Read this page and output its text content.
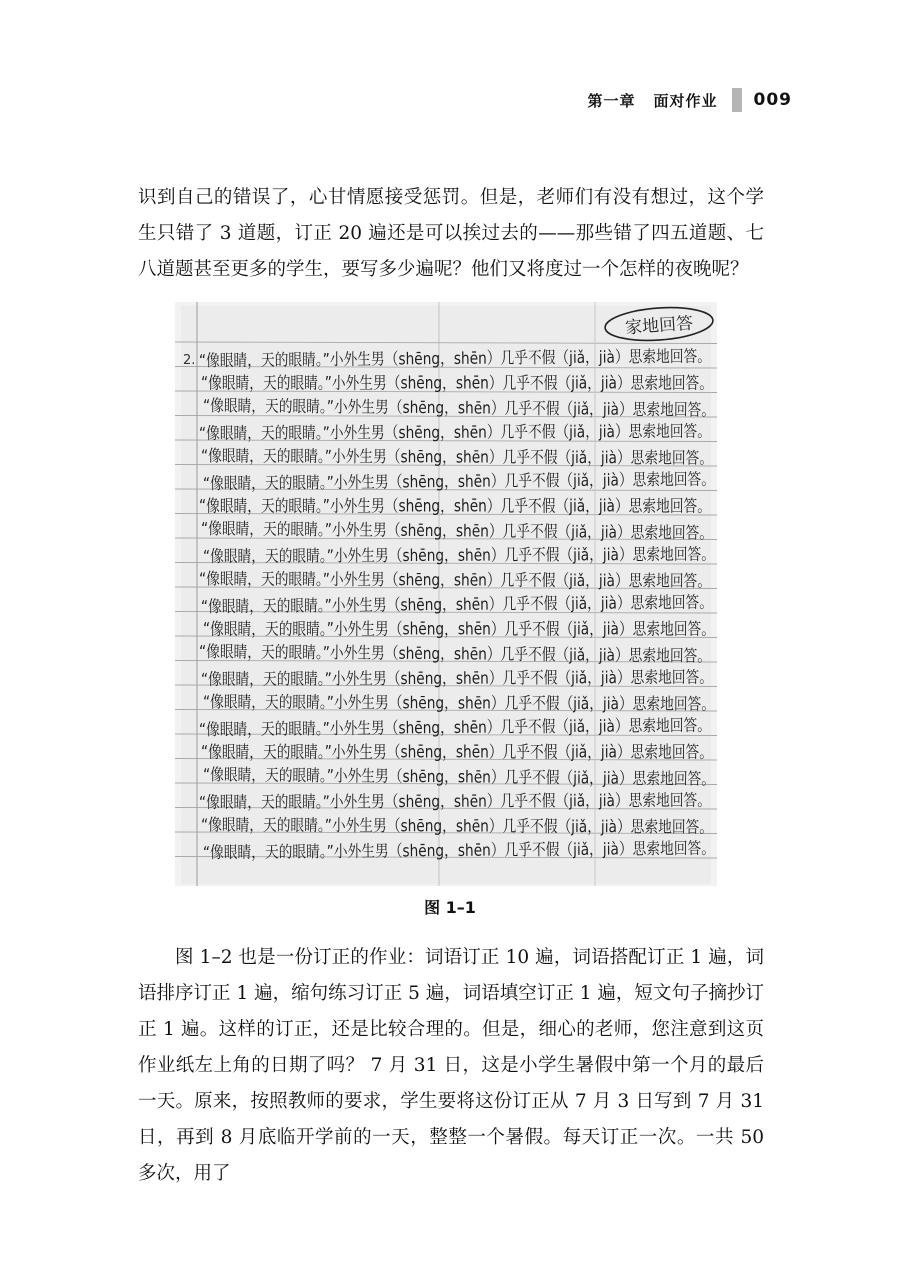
第一章 面对作业 009

识到自己的错误了，心甘情愿接受惩罚。但是，老师们有没有想过，这个学生只错了 3 道题，订正 20 遍还是可以挨过去的——那些错了四五道题、七八道题甚至更多的学生，要写多少遍呢？他们又将度过一个怎样的夜晚呢？

家地回答
2. “像眼睛，天的眼睛。”小外生男（shēng，shēn）几乎不假（jiǎ，jià）思索地回答。
“像眼睛，天的眼睛。”小外生男（shēng，shēn）几乎不假（jiǎ，jià）思索地回答。
“像眼睛，天的眼睛。”小外生男（shēng，shēn）几乎不假（jiǎ，jià）思索地回答。
“像眼睛，天的眼睛。”小外生男（shēng，shēn）几乎不假（jiǎ，jià）思索地回答。
“像眼睛，天的眼睛。”小外生男（shēng，shēn）几乎不假（jiǎ，jià）思索地回答。
“像眼睛，天的眼睛。”小外生男（shēng，shēn）几乎不假（jiǎ，jià）思索地回答。
“像眼睛，天的眼睛。”小外生男（shēng，shēn）几乎不假（jiǎ，jià）思索地回答。
“像眼睛，天的眼睛。”小外生男（shēng，shēn）几乎不假（jiǎ，jià）思索地回答。
“像眼睛，天的眼睛。”小外生男（shēng，shēn）几乎不假（jiǎ，jià）思索地回答。
“像眼睛，天的眼睛。”小外生男（shēng，shēn）几乎不假（jiǎ，jià）思索地回答。
“像眼睛，天的眼睛。”小外生男（shēng，shēn）几乎不假（jiǎ，jià）思索地回答。
“像眼睛，天的眼睛。”小外生男（shēng，shēn）几乎不假（jiǎ，jià）思索地回答。
“像眼睛，天的眼睛。”小外生男（shēng，shēn）几乎不假（jiǎ，jià）思索地回答。
“像眼睛，天的眼睛。”小外生男（shēng，shēn）几乎不假（jiǎ，jià）思索地回答。
“像眼睛，天的眼睛。”小外生男（shēng，shēn）几乎不假（jiǎ，jià）思索地回答。
“像眼睛，天的眼睛。”小外生男（shēng，shēn）几乎不假（jiǎ，jià）思索地回答。
“像眼睛，天的眼睛。”小外生男（shēng，shēn）几乎不假（jiǎ，jià）思索地回答。
“像眼睛，天的眼睛。”小外生男（shēng，shēn）几乎不假（jiǎ，jià）思索地回答。
“像眼睛，天的眼睛。”小外生男（shēng，shēn）几乎不假（jiǎ，jià）思索地回答。
“像眼睛，天的眼睛。”小外生男（shēng，shēn）几乎不假（jiǎ，jià）思索地回答。
“像眼睛，天的眼睛。”小外生男（shēng，shēn）几乎不假（jiǎ，jià）思索地回答。
图 1–1

图 1–2 也是一份订正的作业：词语订正 10 遍，词语搭配订正 1 遍，词语排序订正 1 遍，缩句练习订正 5 遍，词语填空订正 1 遍，短文句子摘抄订正 1 遍。这样的订正，还是比较合理的。但是，细心的老师，您注意到这页作业纸左上角的日期了吗？ 7 月 31 日，这是小学生暑假中第一个月的最后一天。原来，按照教师的要求，学生要将这份订正从 7 月 3 日写到 7 月 31 日，再到 8 月底临开学前的一天，整整一个暑假。每天订正一次。一共 50 多次，用了
